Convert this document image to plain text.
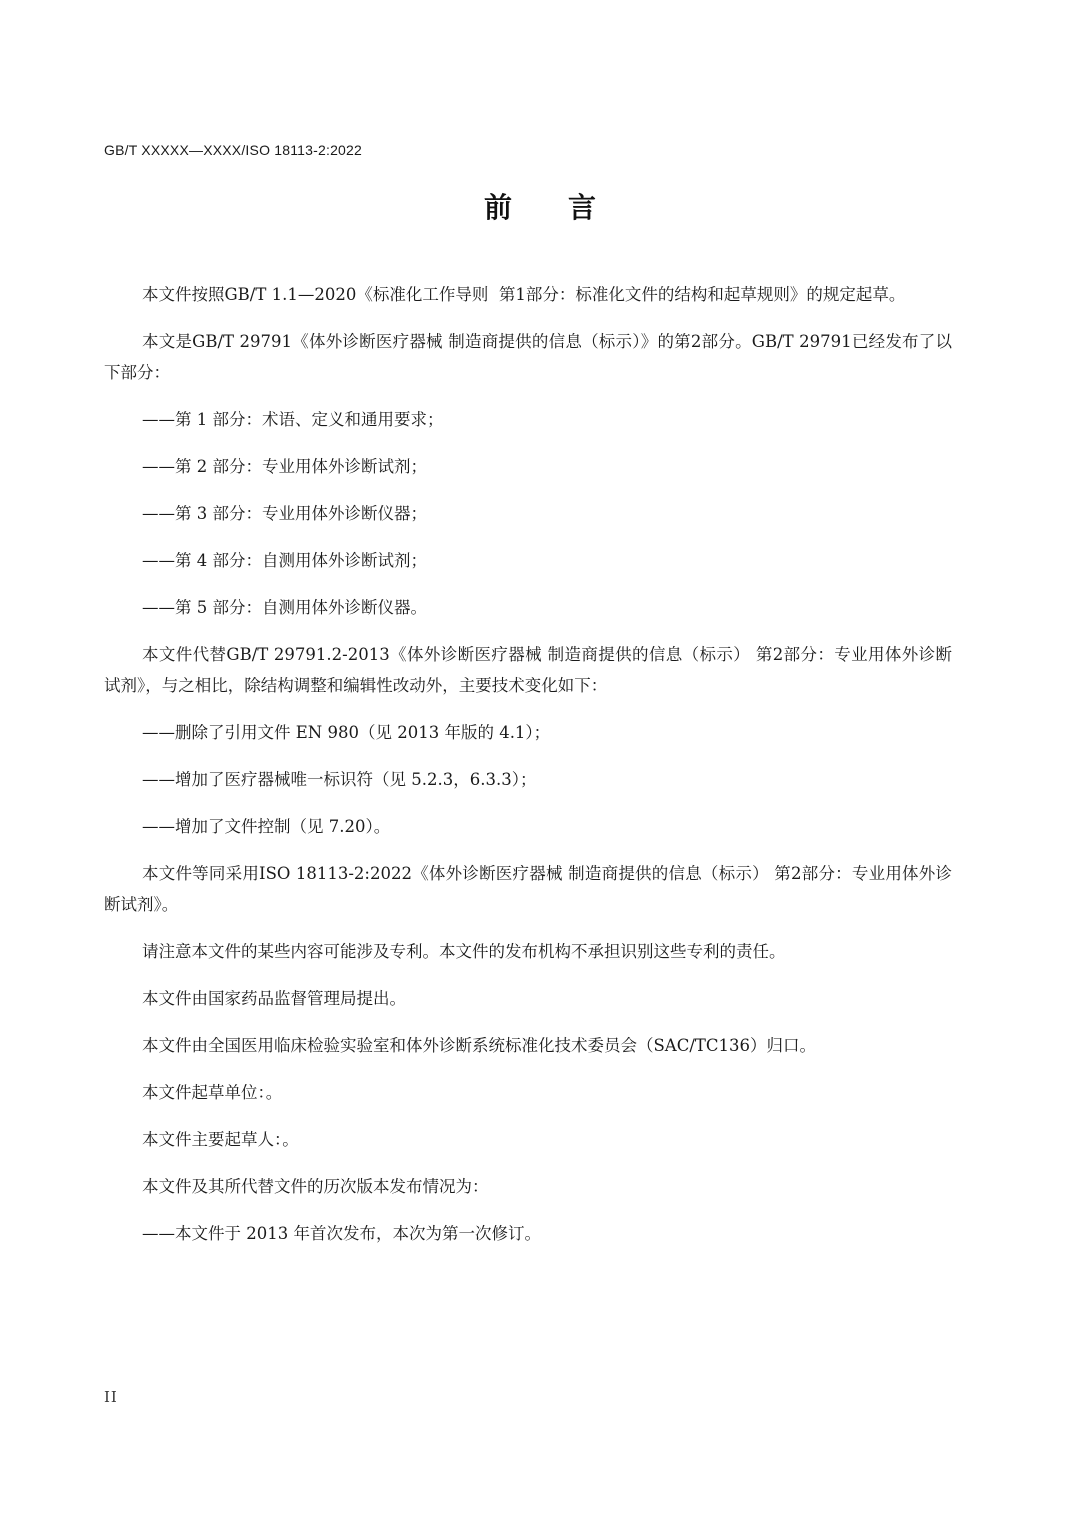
GB/T XXXXX—XXXX/ISO 18113-2:2022
前言

本文件按照GB/T 1.1—2020《标准化工作导则  第1部分：标准化文件的结构和起草规则》的规定起草。

本文是GB/T 29791《体外诊断医疗器械 制造商提供的信息（标示）》的第2部分。GB/T 29791已经发布了以下部分：

——第 1 部分：术语、定义和通用要求；

——第 2 部分：专业用体外诊断试剂；

——第 3 部分：专业用体外诊断仪器；

——第 4 部分：自测用体外诊断试剂；

——第 5 部分：自测用体外诊断仪器。

本文件代替GB/T 29791.2-2013《体外诊断医疗器械 制造商提供的信息（标示） 第2部分：专业用体外诊断试剂》，与之相比，除结构调整和编辑性改动外，主要技术变化如下：

——删除了引用文件 EN 980（见 2013 年版的 4.1）；

——增加了医疗器械唯一标识符（见 5.2.3，6.3.3）；

——增加了文件控制（见 7.20）。

本文件等同采用ISO 18113-2:2022《体外诊断医疗器械 制造商提供的信息（标示） 第2部分：专业用体外诊断试剂》。

请注意本文件的某些内容可能涉及专利。本文件的发布机构不承担识别这些专利的责任。

本文件由国家药品监督管理局提出。

本文件由全国医用临床检验实验室和体外诊断系统标准化技术委员会（SAC/TC136）归口。

本文件起草单位：。

本文件主要起草人：。

本文件及其所代替文件的历次版本发布情况为：

——本文件于 2013 年首次发布，本次为第一次修订。

II
